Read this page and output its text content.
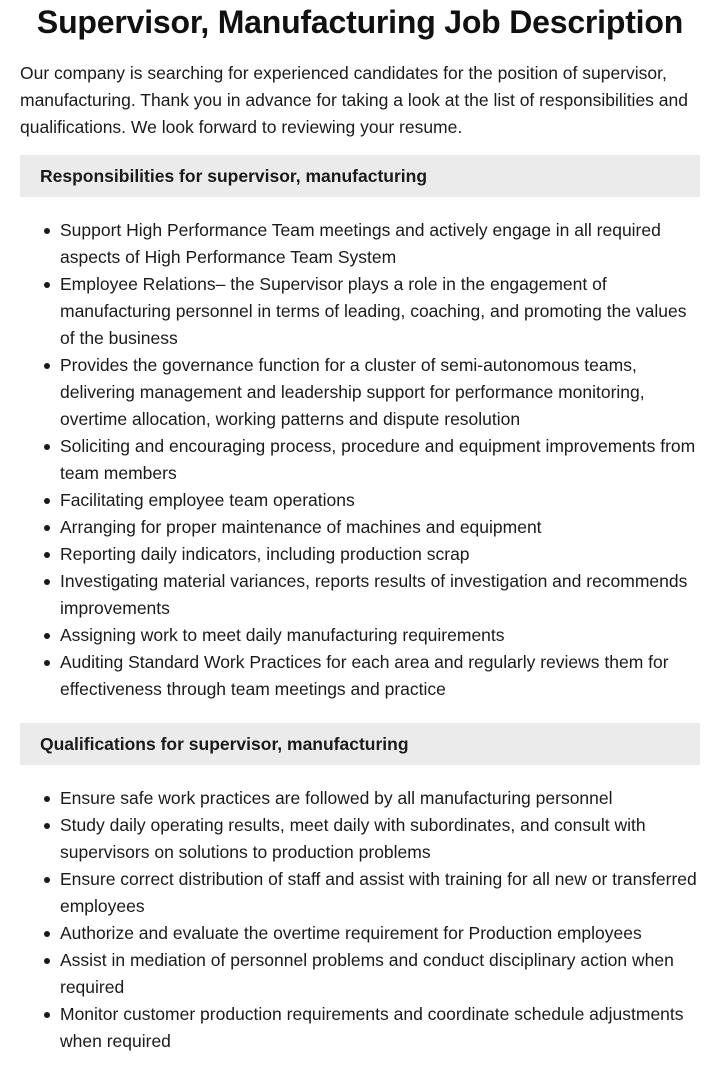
Supervisor, Manufacturing Job Description

Our company is searching for experienced candidates for the position of supervisor, manufacturing. Thank you in advance for taking a look at the list of responsibilities and qualifications. We look forward to reviewing your resume.

Responsibilities for supervisor, manufacturing
Support High Performance Team meetings and actively engage in all required aspects of High Performance Team System
Employee Relations– the Supervisor plays a role in the engagement of manufacturing personnel in terms of leading, coaching, and promoting the values of the business
Provides the governance function for a cluster of semi-autonomous teams, delivering management and leadership support for performance monitoring, overtime allocation, working patterns and dispute resolution
Soliciting and encouraging process, procedure and equipment improvements from team members
Facilitating employee team operations
Arranging for proper maintenance of machines and equipment
Reporting daily indicators, including production scrap
Investigating material variances, reports results of investigation and recommends improvements
Assigning work to meet daily manufacturing requirements
Auditing Standard Work Practices for each area and regularly reviews them for effectiveness through team meetings and practice
Qualifications for supervisor, manufacturing
Ensure safe work practices are followed by all manufacturing personnel
Study daily operating results, meet daily with subordinates, and consult with supervisors on solutions to production problems
Ensure correct distribution of staff and assist with training for all new or transferred employees
Authorize and evaluate the overtime requirement for Production employees
Assist in mediation of personnel problems and conduct disciplinary action when required
Monitor customer production requirements and coordinate schedule adjustments when required
